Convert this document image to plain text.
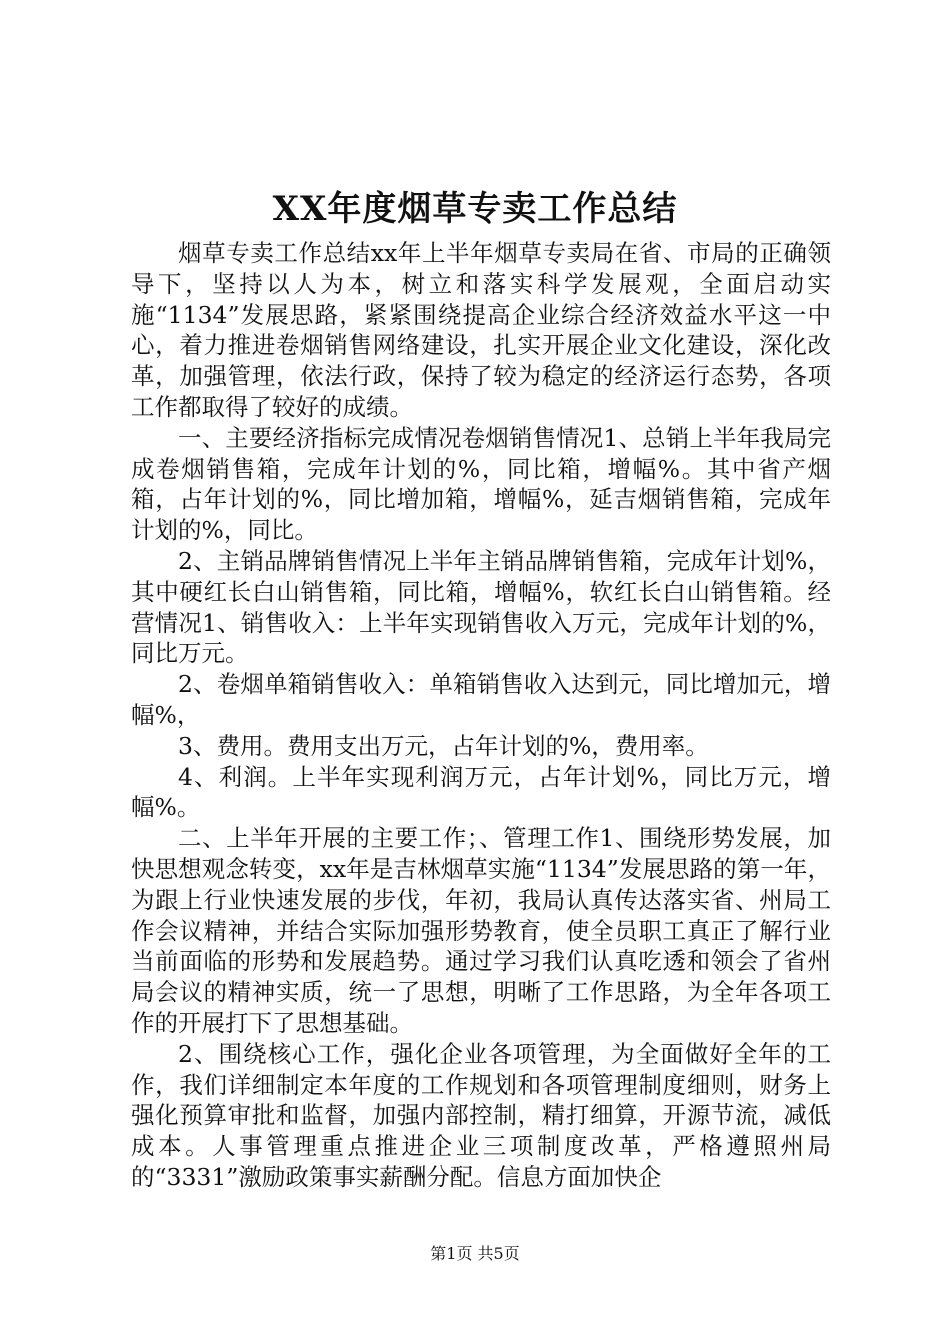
XX年度烟草专卖工作总结

烟草专卖工作总结xx年上半年烟草专卖局在省、市局的正确领导下，坚持以人为本，树立和落实科学发展观，全面启动实施“1134”发展思路，紧紧围绕提高企业综合经济效益水平这一中心，着力推进卷烟销售网络建设，扎实开展企业文化建设，深化改革，加强管理，依法行政，保持了较为稳定的经济运行态势，各项工作都取得了较好的成绩。

一、主要经济指标完成情况卷烟销售情况1、总销上半年我局完成卷烟销售箱，完成年计划的%，同比箱，增幅%。其中省产烟箱，占年计划的%，同比增加箱，增幅%，延吉烟销售箱，完成年计划的%，同比。

2、主销品牌销售情况上半年主销品牌销售箱，完成年计划%，其中硬红长白山销售箱，同比箱，增幅%，软红长白山销售箱。经营情况1、销售收入：上半年实现销售收入万元，完成年计划的%，同比万元。

2、卷烟单箱销售收入：单箱销售收入达到元，同比增加元，增幅%，

3、费用。费用支出万元，占年计划的%，费用率。

4、利润。上半年实现利润万元，占年计划%，同比万元，增幅%。

二、上半年开展的主要工作；、管理工作1、围绕形势发展，加快思想观念转变，xx年是吉林烟草实施“1134”发展思路的第一年，为跟上行业快速发展的步伐，年初，我局认真传达落实省、州局工作会议精神，并结合实际加强形势教育，使全员职工真正了解行业当前面临的形势和发展趋势。通过学习我们认真吃透和领会了省州局会议的精神实质，统一了思想，明晰了工作思路，为全年各项工作的开展打下了思想基础。

2、围绕核心工作，强化企业各项管理，为全面做好全年的工作，我们详细制定本年度的工作规划和各项管理制度细则，财务上强化预算审批和监督，加强内部控制，精打细算，开源节流，减低成本。人事管理重点推进企业三项制度改革，严格遵照州局的“3331”激励政策事实薪酬分配。信息方面加快企

第1页 共5页
